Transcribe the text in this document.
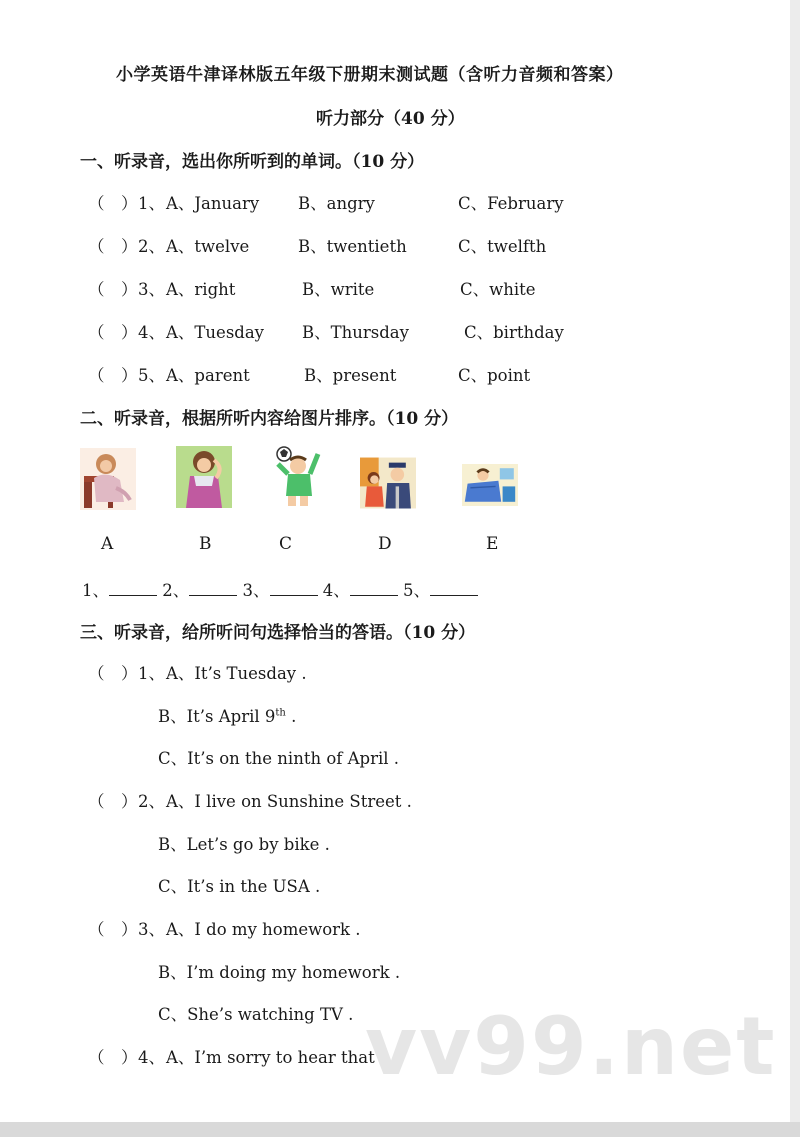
小学英语牛津译林版五年级下册期末测试题（含听力音频和答案）
听力部分（40 分）
一、听录音，选出你所听到的单词。（10 分）
（　） 1、 A、January B、angry	C、February
（　） 2、 A、twelve	B、twentieth	C、twelfth
（　） 3、 A、right	B、write	C、white
（　） 4、 A、Tuesday B、Thursday	C、birthday
（　） 5、 A、parent	B、present	C、point
二、听录音，根据所听内容给图片排序。（10 分）
A	B	C	D	E
1、	2、	3、	4、	5、
三、听录音，给所听问句选择恰当的答语。（10 分）
（　） 1、 A、It’s Tuesday .
B、It’s April 9th .
C、It’s on the ninth of April .
（　） 2、 A、I live on Sunshine Street .
B、Let’s go by bike .
C、It’s in the USA .
（　） 3、 A、I do my homework .
B、I’m doing my homework .
C、She’s watching TV .
（　） 4、 A、I’m sorry to hear that ?
vv99.net
